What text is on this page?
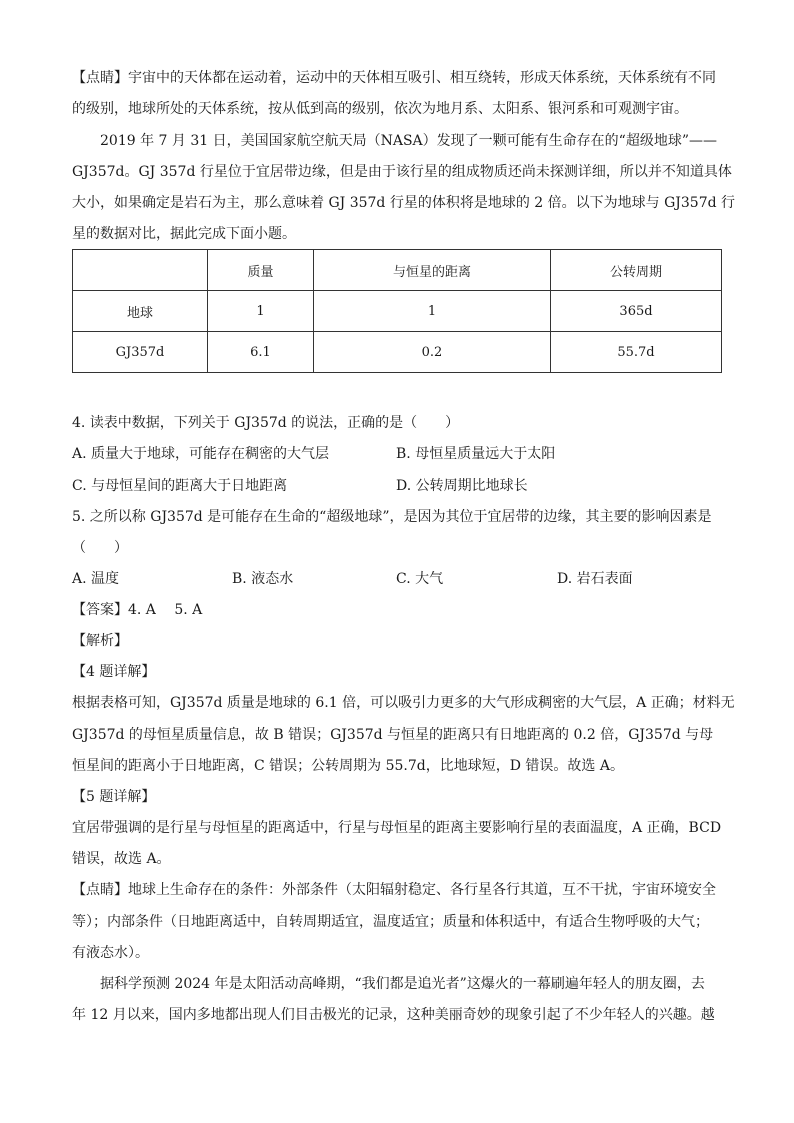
【点睛】宇宙中的天体都在运动着，运动中的天体相互吸引、相互绕转，形成天体系统，天体系统有不同
的级别，地球所处的天体系统，按从低到高的级别，依次为地月系、太阳系、银河系和可观测宇宙。
2019 年 7 月 31 日，美国国家航空航天局（NASA）发现了一颗可能有生命存在的“超级地球”——
GJ357d。GJ 357d 行星位于宜居带边缘，但是由于该行星的组成物质还尚未探测详细，所以并不知道具体
大小，如果确定是岩石为主，那么意味着 GJ 357d 行星的体积将是地球的 2 倍。以下为地球与 GJ357d 行
星的数据对比，据此完成下面小题。
	质量	与恒星的距离	公转周期
地球	1	1	365d
GJ357d	6.1	0.2	55.7d
4. 读表中数据，下列关于 GJ357d 的说法，正确的是（　　）
A. 质量大于地球，可能存在稠密的大气层	B. 母恒星质量远大于太阳
C. 与母恒星间的距离大于日地距离	D. 公转周期比地球长
5. 之所以称 GJ357d 是可能存在生命的“超级地球”，是因为其位于宜居带的边缘，其主要的影响因素是
（　　）
A. 温度	B. 液态水	C. 大气	D. 岩石表面
【答案】4. A　 5. A
【解析】
【4 题详解】
根据表格可知，GJ357d 质量是地球的 6.1 倍，可以吸引力更多的大气形成稠密的大气层，A 正确；材料无
GJ357d 的母恒星质量信息，故 B 错误；GJ357d 与恒星的距离只有日地距离的 0.2 倍，GJ357d 与母
恒星间的距离小于日地距离，C 错误；公转周期为 55.7d，比地球短，D 错误。故选 A。
【5 题详解】
宜居带强调的是行星与母恒星的距离适中，行星与母恒星的距离主要影响行星的表面温度，A 正确，BCD
错误，故选 A。
【点睛】地球上生命存在的条件：外部条件（太阳辐射稳定、各行星各行其道，互不干扰，宇宙环境安全
等）；内部条件（日地距离适中，自转周期适宜，温度适宜；质量和体积适中，有适合生物呼吸的大气；
有液态水）。
据科学预测 2024 年是太阳活动高峰期，“我们都是追光者”这爆火的一幕刷遍年轻人的朋友圈，去
年 12 月以来，国内多地都出现人们目击极光的记录，这种美丽奇妙的现象引起了不少年轻人的兴趣。越
